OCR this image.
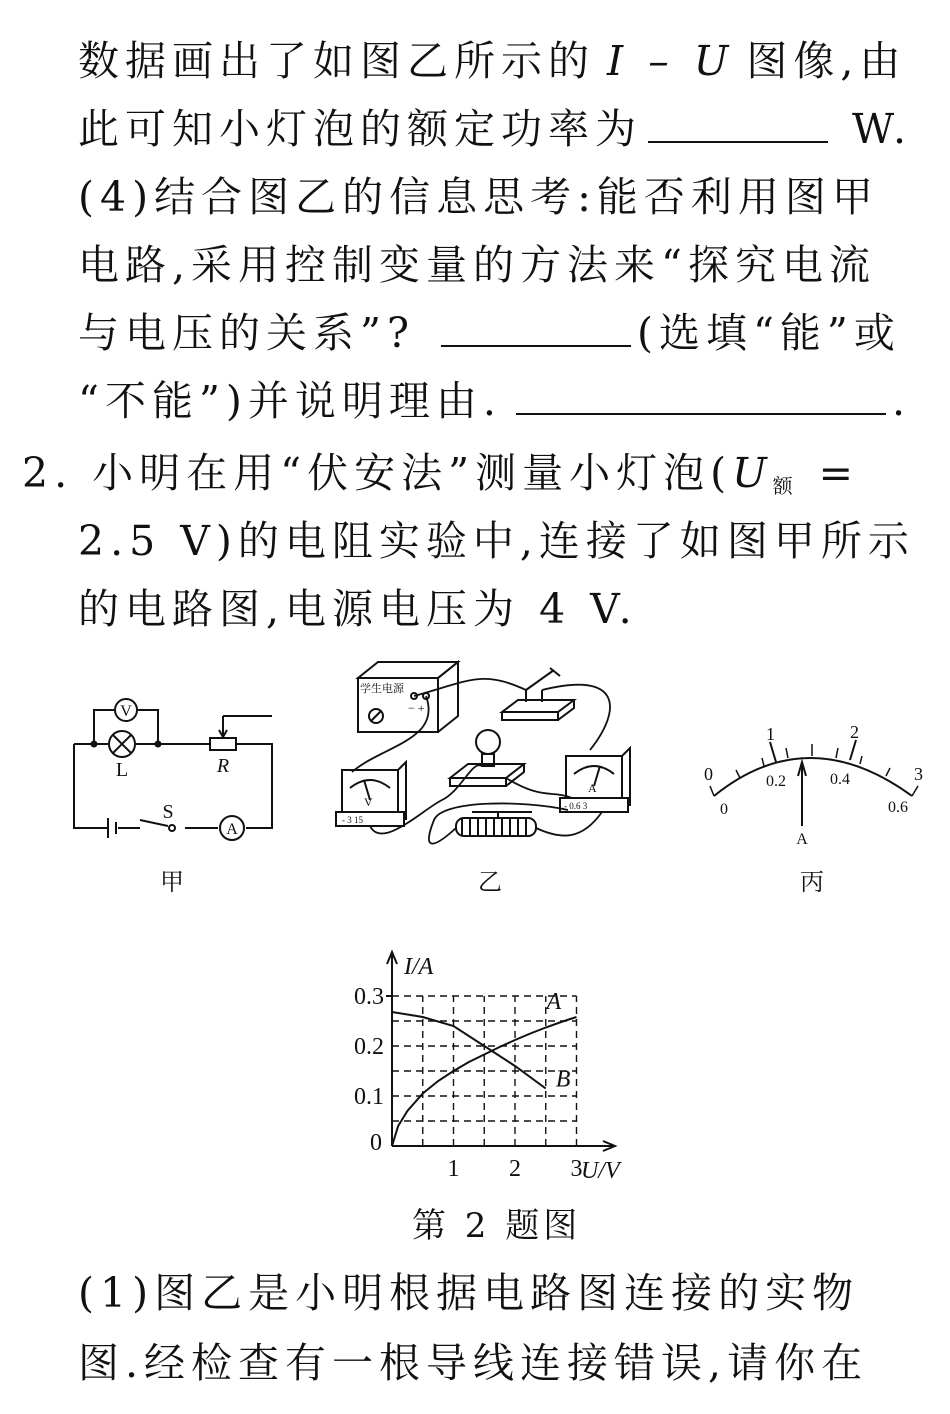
数据画出了如图乙所示的 I – U 图像,由
此可知小灯泡的额定功率为	W.
(4)结合图乙的信息思考:能否利用图甲
电路,采用控制变量的方法来“探究电流
与电压的关系”?	(选填“能”或
“不能”)并说明理由.	.
2. 小明在用“伏安法”测量小灯泡($U_额$ =
2.5 V)的电阻实验中,连接了如图甲所示
的电路图,电源电压为 4 V.
V
L	R
S
A
甲
学生电源
− +
V
- 3 15
A
- 0.6 3
乙
0
1	2
3
0
0.2	0.4
0.6
A
丙
1 2 3
0.1
0.2
0.3
0
U/V
I/A
A
B
第 2 题图
(1)图乙是小明根据电路图连接的实物
图.经检查有一根导线连接错误,请你在
